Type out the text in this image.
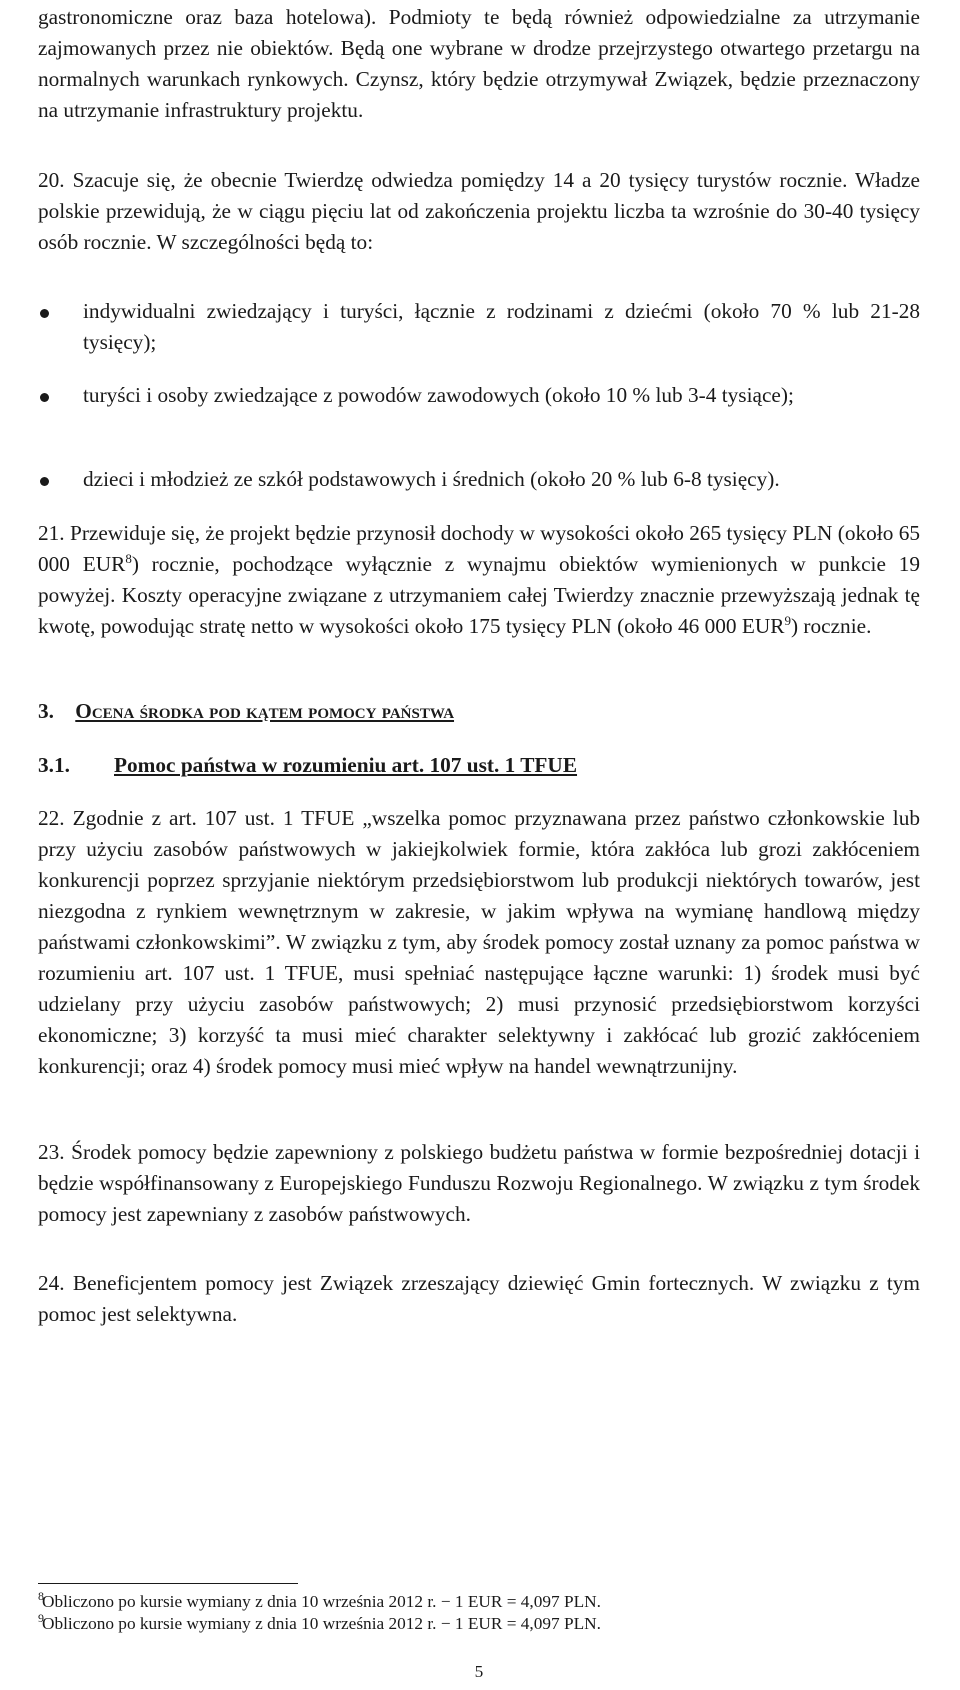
gastronomiczne oraz baza hotelowa). Podmioty te będą również odpowiedzialne za utrzymanie zajmowanych przez nie obiektów. Będą one wybrane w drodze przejrzystego otwartego przetargu na normalnych warunkach rynkowych. Czynsz, który będzie otrzymywał Związek, będzie przeznaczony na utrzymanie infrastruktury projektu.

20. Szacuje się, że obecnie Twierdzę odwiedza pomiędzy 14 a 20 tysięcy turystów rocznie. Władze polskie przewidują, że w ciągu pięciu lat od zakończenia projektu liczba ta wzrośnie do 30-40 tysięcy osób rocznie. W szczególności będą to:

indywidualni zwiedzający i turyści, łącznie z rodzinami z dziećmi (około 70 % lub 21-28 tysięcy);

turyści i osoby zwiedzające z powodów zawodowych (około 10 % lub 3-4 tysiące);

dzieci i młodzież ze szkół podstawowych i średnich (około 20 % lub 6-8 tysięcy).

21. Przewiduje się, że projekt będzie przynosił dochody w wysokości około 265 tysięcy PLN (około 65 000 EUR$^8$) rocznie, pochodzące wyłącznie z wynajmu obiektów wymienionych w punkcie 19 powyżej. Koszty operacyjne związane z utrzymaniem całej Twierdzy znacznie przewyższają jednak tę kwotę, powodując stratę netto w wysokości około 175 tysięcy PLN (około 46 000 EUR$^9$) rocznie.

3. Ocena środka pod kątem pomocy państwa
3.1. Pomoc państwa w rozumieniu art. 107 ust. 1 TFUE

22. Zgodnie z art. 107 ust. 1 TFUE „wszelka pomoc przyznawana przez państwo członkowskie lub przy użyciu zasobów państwowych w jakiejkolwiek formie, która zakłóca lub grozi zakłóceniem konkurencji poprzez sprzyjanie niektórym przedsiębiorstwom lub produkcji niektórych towarów, jest niezgodna z rynkiem wewnętrznym w zakresie, w jakim wpływa na wymianę handlową między państwami członkowskimi”. W związku z tym, aby środek pomocy został uznany za pomoc państwa w rozumieniu art. 107 ust. 1 TFUE, musi spełniać następujące łączne warunki: 1) środek musi być udzielany przy użyciu zasobów państwowych; 2) musi przynosić przedsiębiorstwom korzyści ekonomiczne; 3) korzyść ta musi mieć charakter selektywny i zakłócać lub grozić zakłóceniem konkurencji; oraz 4) środek pomocy musi mieć wpływ na handel wewnątrzunijny.

23. Środek pomocy będzie zapewniony z polskiego budżetu państwa w formie bezpośredniej dotacji i będzie współfinansowany z Europejskiego Funduszu Rozwoju Regionalnego. W związku z tym środek pomocy jest zapewniany z zasobów państwowych.

24. Beneficjentem pomocy jest Związek zrzeszający dziewięć Gmin fortecznych. W związku z tym pomoc jest selektywna.

8
Obliczono po kursie wymiany z dnia 10 września 2012 r. − 1 EUR = 4,097 PLN.
9
Obliczono po kursie wymiany z dnia 10 września 2012 r. − 1 EUR = 4,097 PLN.
5
